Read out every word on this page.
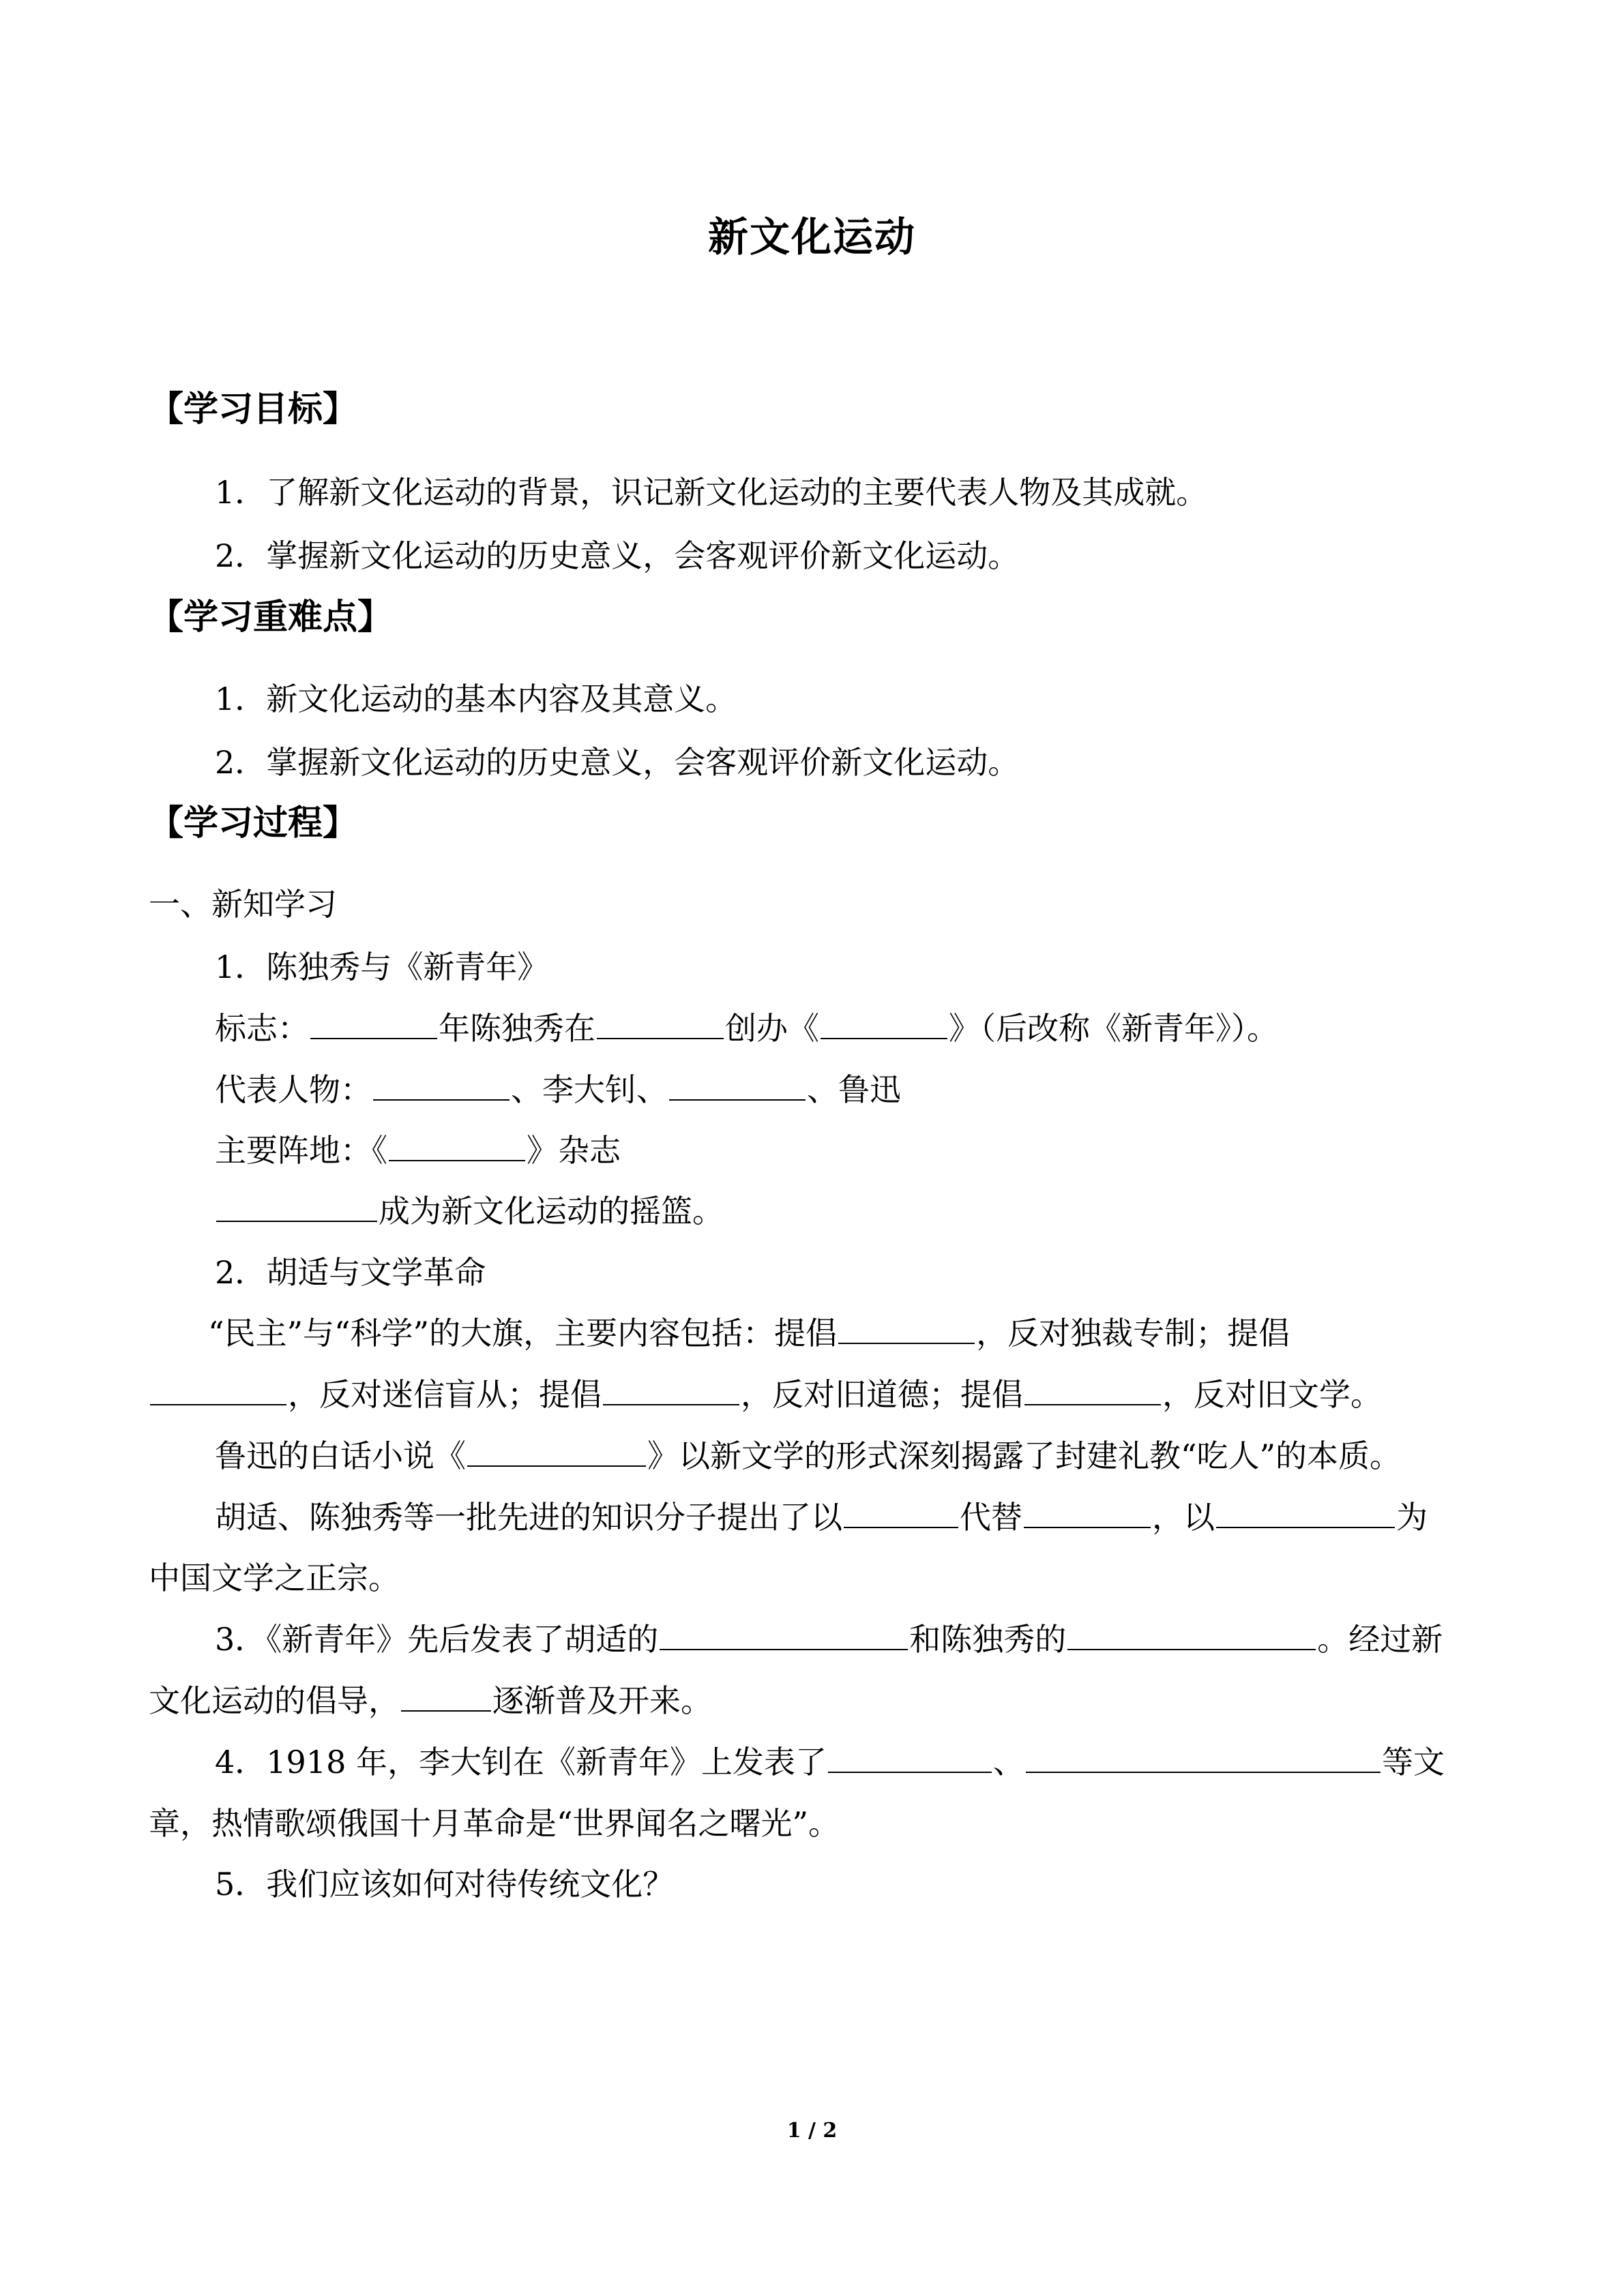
新文化运动
【学习目标】
1．了解新文化运动的背景，识记新文化运动的主要代表人物及其成就。
2．掌握新文化运动的历史意义，会客观评价新文化运动。
【学习重难点】
1．新文化运动的基本内容及其意义。
2．掌握新文化运动的历史意义，会客观评价新文化运动。
【学习过程】
一、新知学习
1．陈独秀与《新青年》
标志：	年陈独秀在	创办《	》（后改称《新青年》）。
代表人物：	、李大钊、	、鲁迅
主要阵地：《	》杂志
成为新文化运动的摇篮。
2．胡适与文学革命
“民主”与“科学”的大旗，主要内容包括：提倡	，反对独裁专制；提倡
，反对迷信盲从；提倡	，反对旧道德；提倡	，反对旧文学。
鲁迅的白话小说《	》以新文学的形式深刻揭露了封建礼教“吃人”的本质。
胡适、陈独秀等一批先进的知识分子提出了以	代替	，以	为
中国文学之正宗。
3．《新青年》先后发表了胡适的	和陈独秀的	。经过新
文化运动的倡导，	逐渐普及开来。
4．1918 年，李大钊在《新青年》上发表了	、	等文
章，热情歌颂俄国十月革命是“世界闻名之曙光”。
5．我们应该如何对待传统文化？
1 / 2
